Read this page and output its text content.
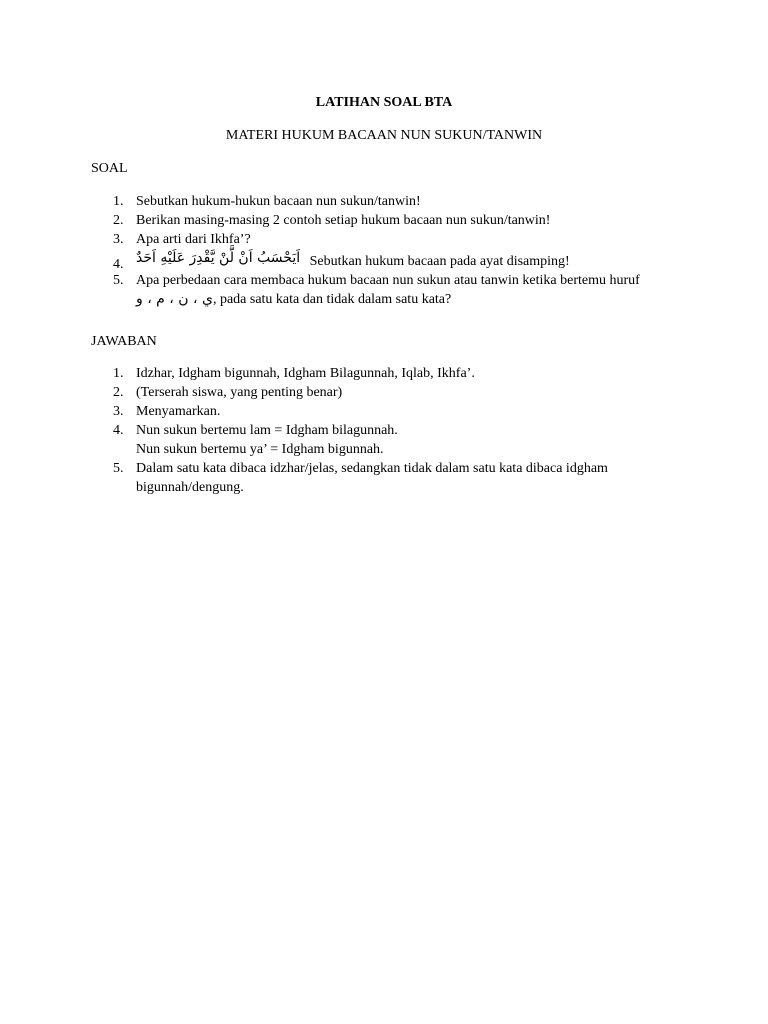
LATIHAN SOAL BTA

MATERI HUKUM BACAAN NUN SUKUN/TANWIN

SOAL

1. Sebutkan hukum-hukun bacaan nun sukun/tanwin!
2. Berikan masing-masing 2 contoh setiap hukum bacaan nun sukun/tanwin!
3. Apa arti dari Ikhfa’?
4. اَيَحْسَبُ اَنْ لَّنْ يَّقْدِرَ عَلَيْهِ اَحَدٌ Sebutkan hukum bacaan pada ayat disamping!
5. Apa perbedaan cara membaca hukum bacaan nun sukun atau tanwin ketika bertemu huruf
ي ، ن ، م ، و, pada satu kata dan tidak dalam satu kata?

JAWABAN

1. Idzhar, Idgham bigunnah, Idgham Bilagunnah, Iqlab, Ikhfa’.
2. (Terserah siswa, yang penting benar)
3. Menyamarkan.
4. Nun sukun bertemu lam = Idgham bilagunnah.
Nun sukun bertemu ya’ = Idgham bigunnah.
5. Dalam satu kata dibaca idzhar/jelas, sedangkan tidak dalam satu kata dibaca idgham bigunnah/dengung.
